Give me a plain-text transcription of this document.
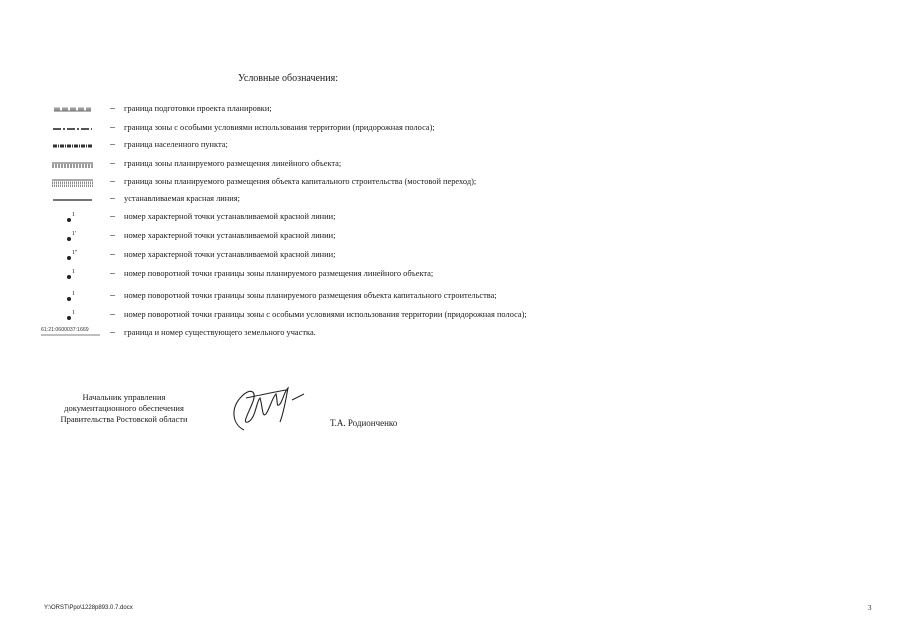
Условные обозначения:
– граница подготовки проекта планировки;
– граница зоны с особыми условиями использования территории (придорожная полоса);
– граница населенного пункта;
– граница зоны планируемого размещения линейного объекта;
– граница зоны планируемого размещения объекта капитального строительства (мостовой переход);
– устанавливаемая красная линия;
1	– номер характерной точки устанавливаемой красной линии;
1'	– номер характерной точки устанавливаемой красной линии;
1''	– номер характерной точки устанавливаемой красной линии;
1	– номер поворотной точки границы зоны планируемого размещения линейного объекта;
1	– номер поворотной точки границы зоны планируемого размещения объекта капитального строительства;
1	– номер поворотной точки границы зоны с особыми условиями использования территории (придорожная полоса);
61:21:0600037:1669 – граница и номер существующего земельного участка.
Начальник управления
документационного обеспечения
Правительства Ростовской области	Т.А. Родионченко
Y:\ORST\Ppo\1228p893.0.7.docx	3
